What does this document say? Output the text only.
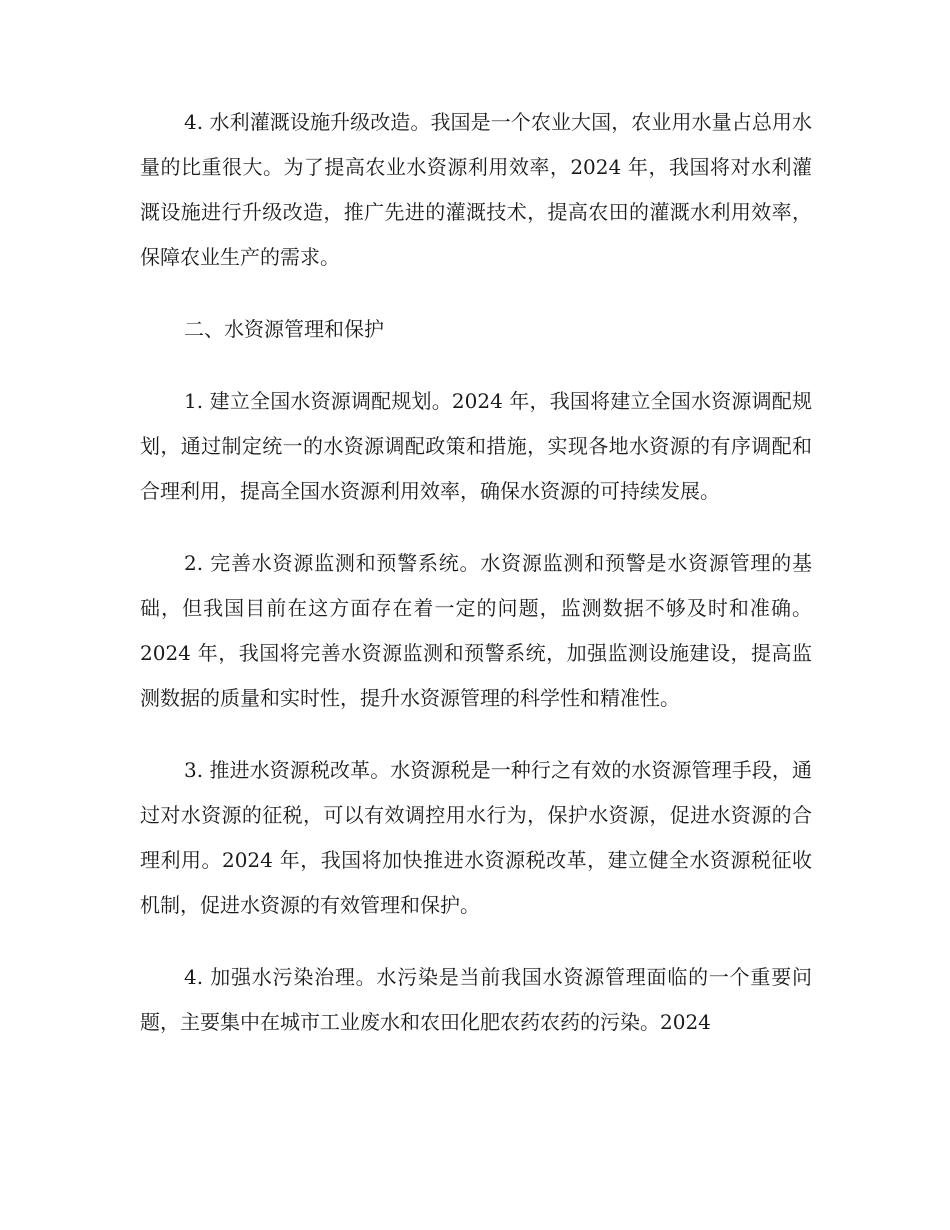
4. 水利灌溉设施升级改造。我国是一个农业大国，农业用水量占总用水量的比重很大。为了提高农业水资源利用效率，2024 年，我国将对水利灌溉设施进行升级改造，推广先进的灌溉技术，提高农田的灌溉水利用效率，保障农业生产的需求。

二、水资源管理和保护

1. 建立全国水资源调配规划。2024 年，我国将建立全国水资源调配规划，通过制定统一的水资源调配政策和措施，实现各地水资源的有序调配和合理利用，提高全国水资源利用效率，确保水资源的可持续发展。

2. 完善水资源监测和预警系统。水资源监测和预警是水资源管理的基础，但我国目前在这方面存在着一定的问题，监测数据不够及时和准确。2024 年，我国将完善水资源监测和预警系统，加强监测设施建设，提高监测数据的质量和实时性，提升水资源管理的科学性和精准性。

3. 推进水资源税改革。水资源税是一种行之有效的水资源管理手段，通过对水资源的征税，可以有效调控用水行为，保护水资源，促进水资源的合理利用。2024 年，我国将加快推进水资源税改革，建立健全水资源税征收机制，促进水资源的有效管理和保护。

4. 加强水污染治理。水污染是当前我国水资源管理面临的一个重要问题，主要集中在城市工业废水和农田化肥农药农药的污染。2024
